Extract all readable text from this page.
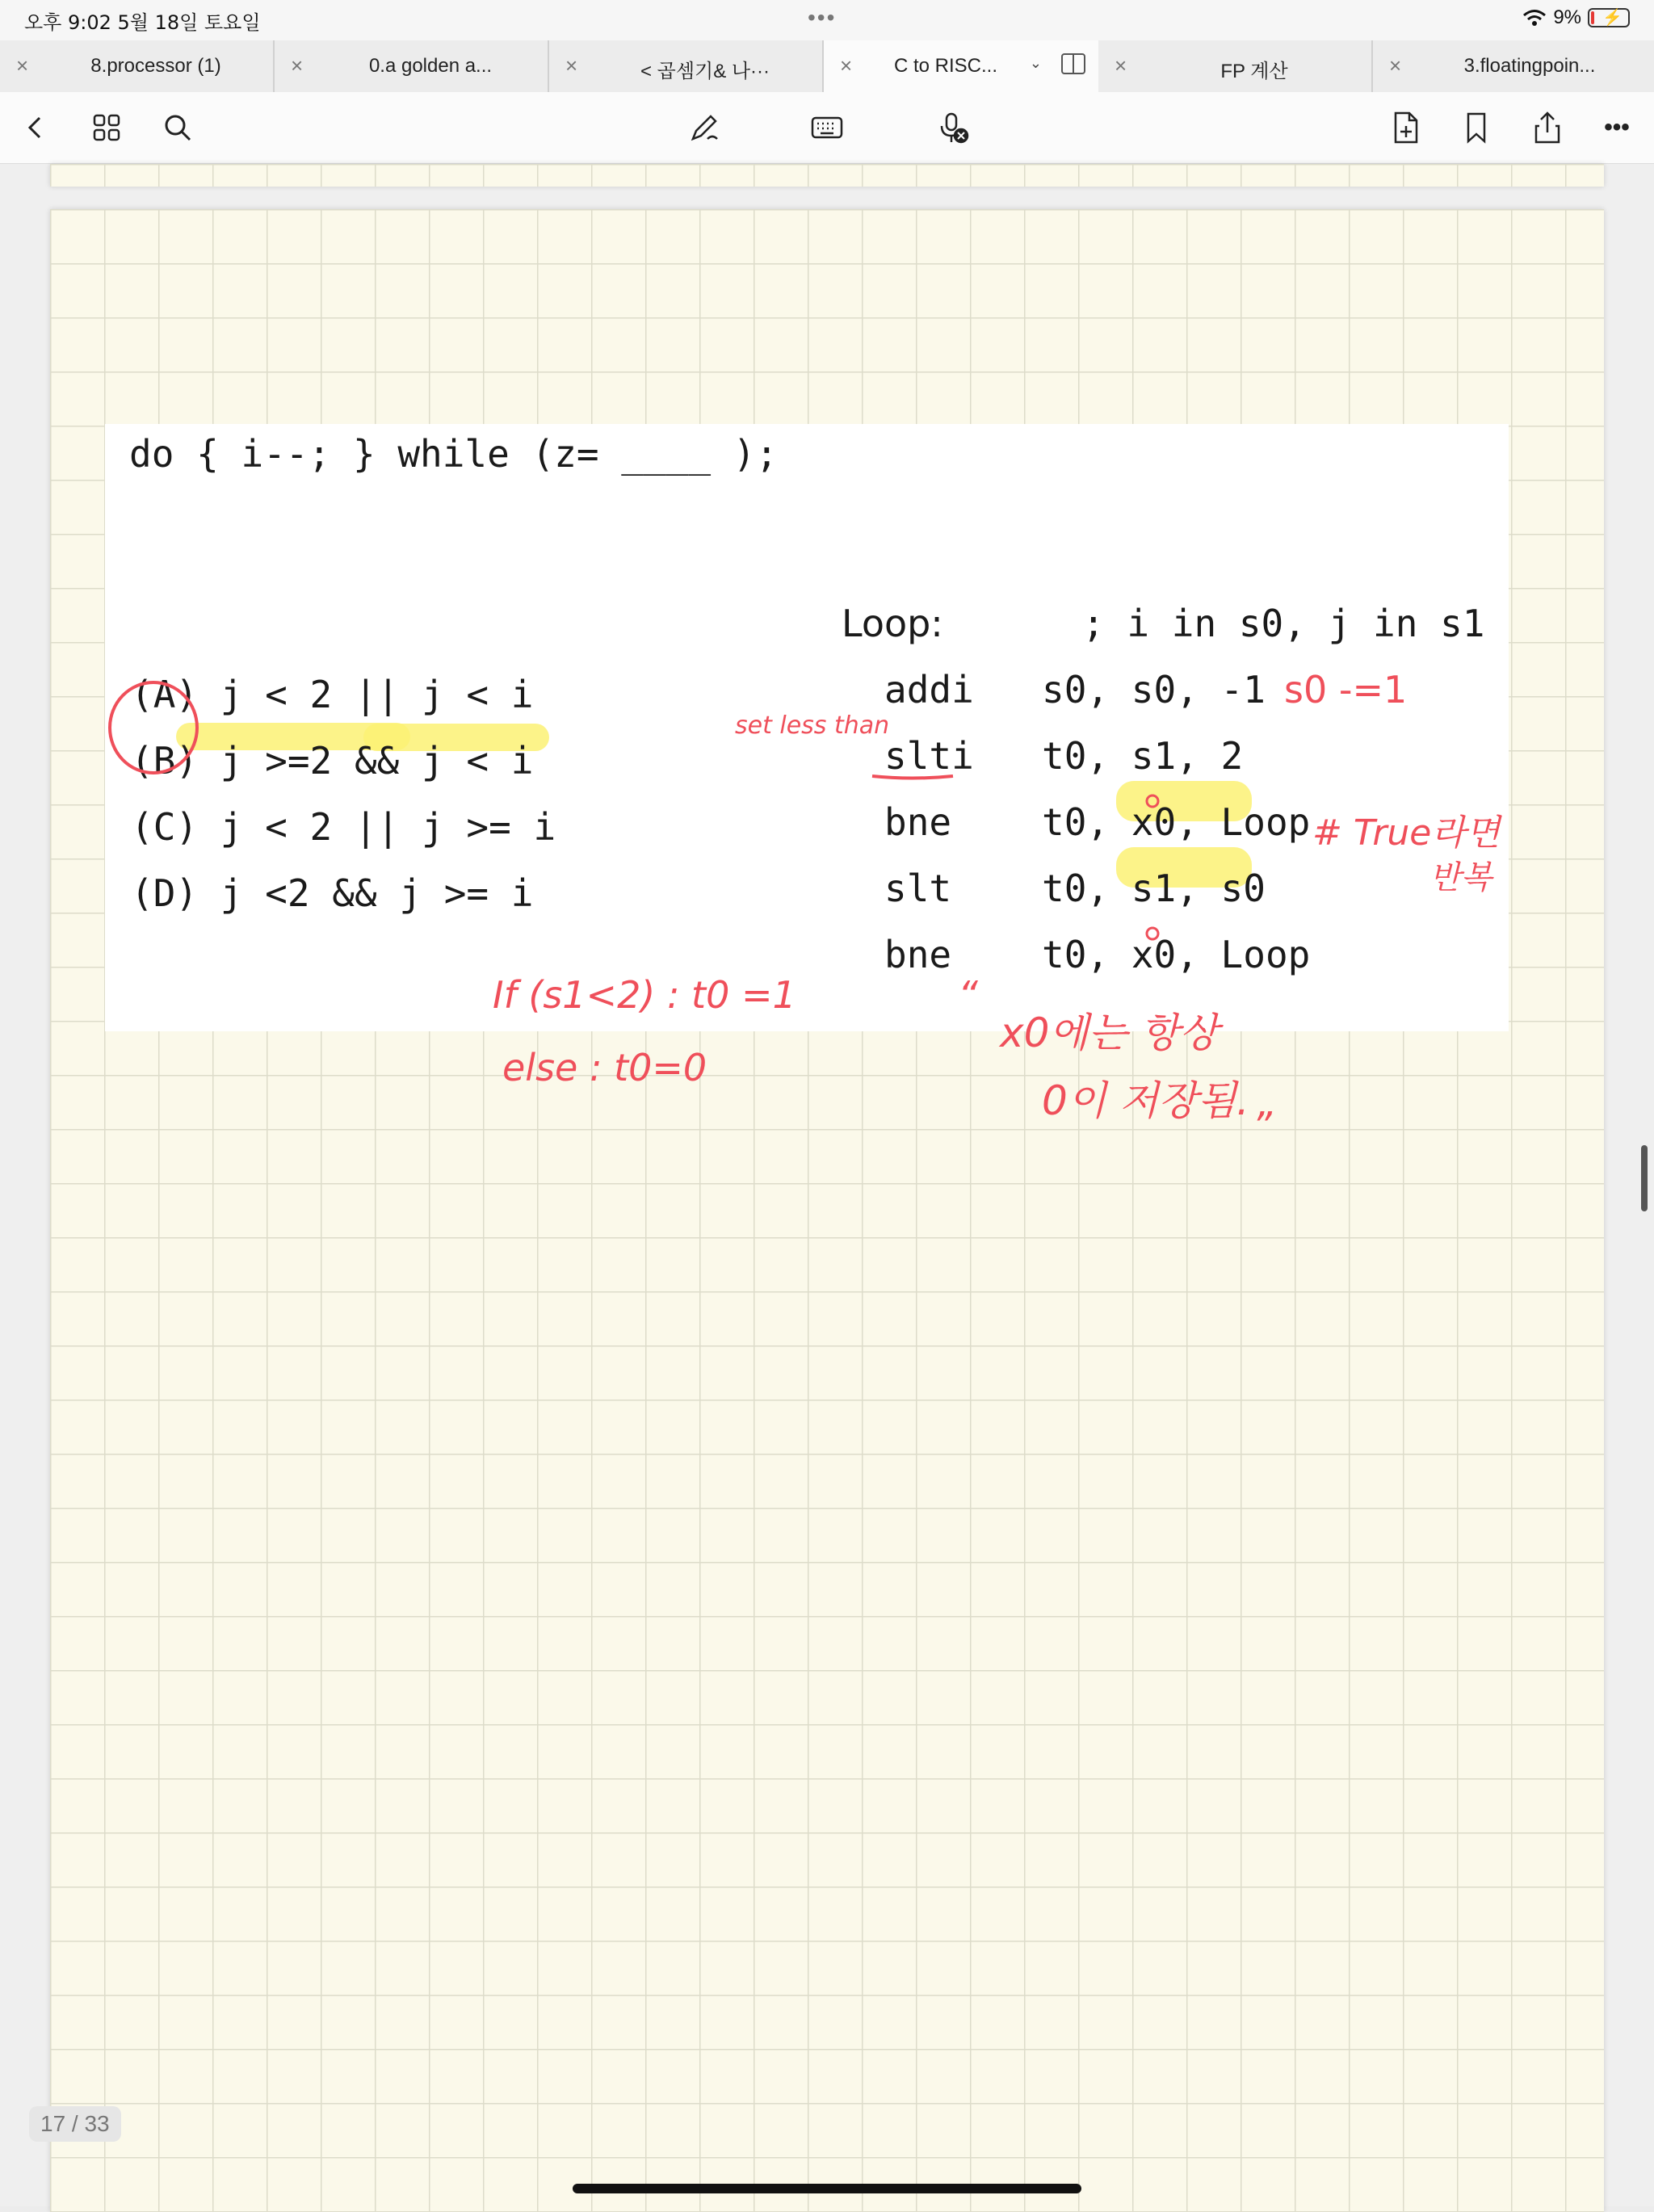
오후 9:02 5월 18일 토요일	•••	9% ⚡
×	8.processor (1)	×	0.a golden a...	×	< 곱셈기& 나···	×	C to RISC...	⌄	×	FP 계산	×	3.floatingpoin...
•••
do { i--; } while (z= ____ );
(A) j < 2 || j < i
(B) j >=2 && j < i
(C) j < 2 || j >= i
(D) j <2 && j >= i
Loop:	; i in s0, j in s1
addi s0, s0, -1
slti t0, s1, 2
bne t0, x0, Loop
slt t0, s1, s0
bne t0, x0, Loop
set less than
s0 -=1
# True라면
반복
If (s1<2) : t0 =1
else : t0=0
“
x0에는 항상
0이 저장됨.
”
17 / 33
